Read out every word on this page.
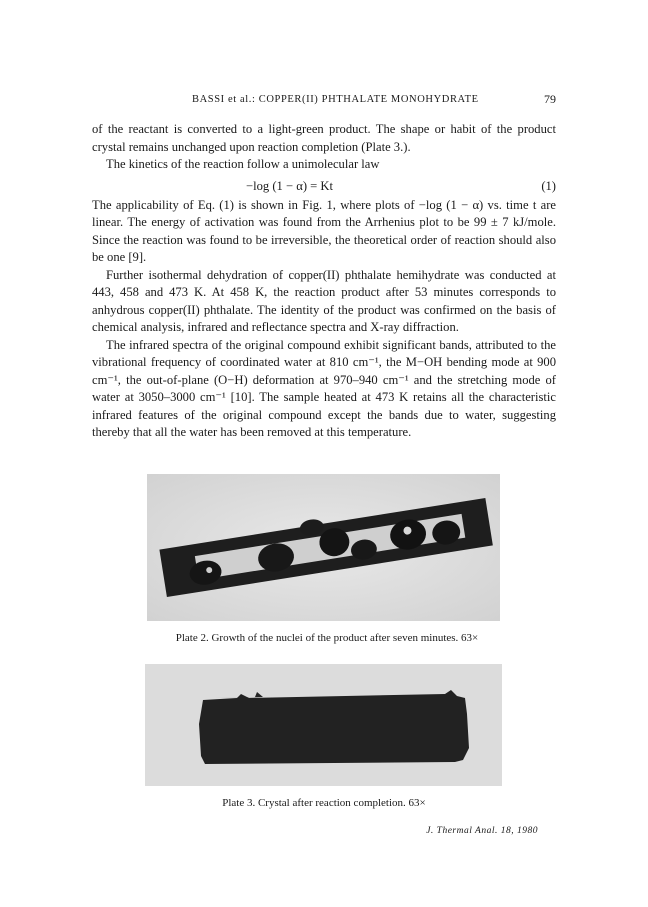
BASSI et al.: COPPER(II) PHTHALATE MONOHYDRATE	79

of the reactant is converted to a light-green product. The shape or habit of the product crystal remains unchanged upon reaction completion (Plate 3.).

The kinetics of the reaction follow a unimolecular law

−log (1 − α) = Kt	(1)

The applicability of Eq. (1) is shown in Fig. 1, where plots of −log (1 − α) vs. time t are linear. The energy of activation was found from the Arrhenius plot to be 99 ± 7 kJ/mole. Since the reaction was found to be irreversible, the theoretical order of reaction should also be one [9].

Further isothermal dehydration of copper(II) phthalate hemihydrate was conducted at 443, 458 and 473 K. At 458 K, the reaction product after 53 minutes corresponds to anhydrous copper(II) phthalate. The identity of the product was confirmed on the basis of chemical analysis, infrared and reflectance spectra and X-ray diffraction.

The infrared spectra of the original compound exhibit significant bands, attributed to the vibrational frequency of coordinated water at 810 cm⁻¹, the M−OH bending mode at 900 cm⁻¹, the out-of-plane (O−H) deformation at 970–940 cm⁻¹ and the stretching mode of water at 3050–3000 cm⁻¹ [10]. The sample heated at 473 K retains all the characteristic infrared features of the original compound except the bands due to water, suggesting thereby that all the water has been removed at this temperature.

Plate 2. Growth of the nuclei of the product after seven minutes. 63×
Plate 3. Crystal after reaction completion. 63×
J. Thermal Anal. 18, 1980
